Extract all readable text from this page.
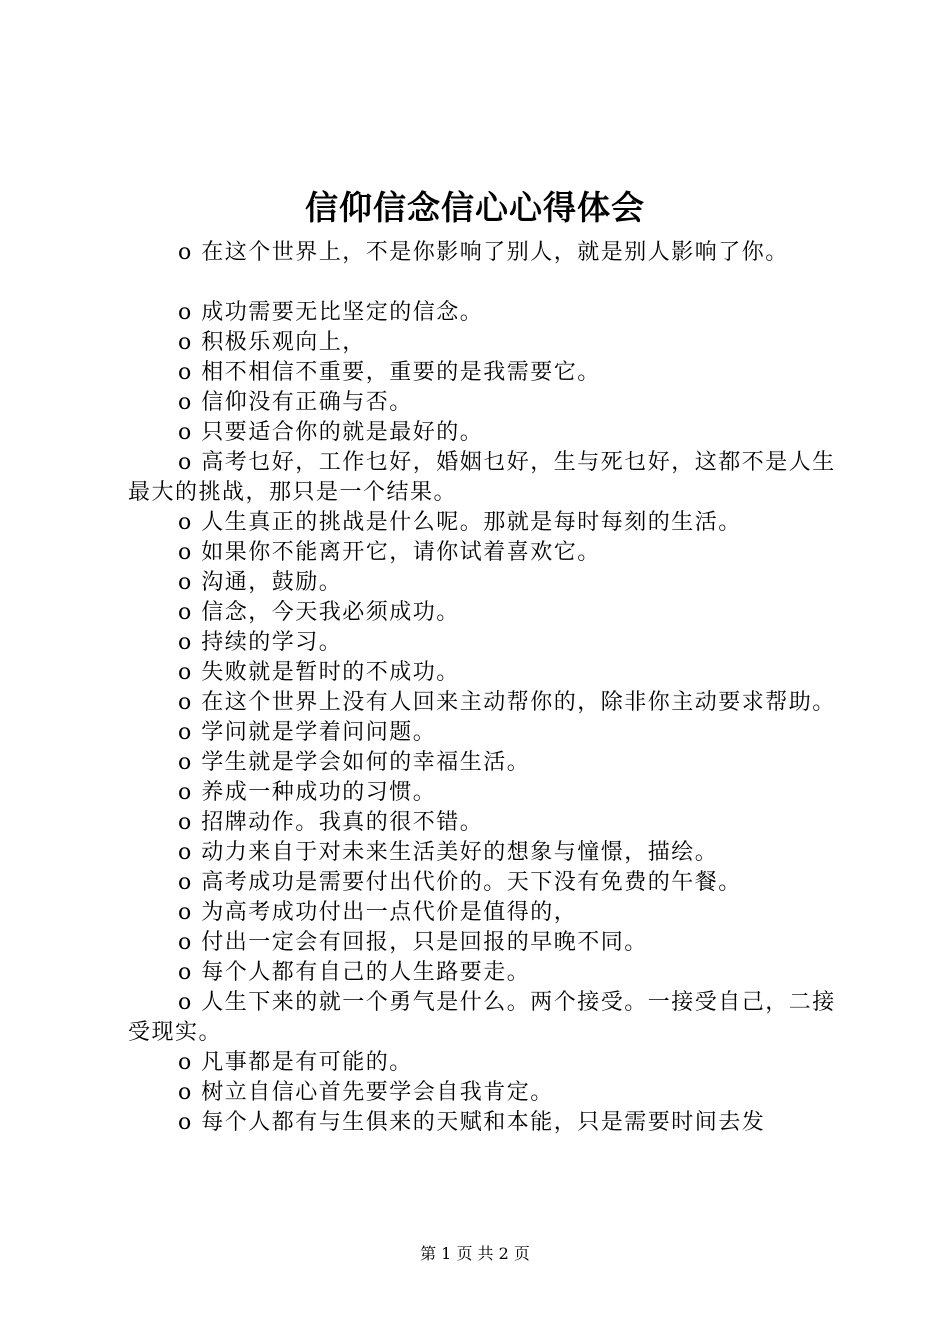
信仰信念信心心得体会

o 在这个世界上，不是你影响了别人，就是别人影响了你。

o 成功需要无比坚定的信念。

o 积极乐观向上，

o 相不相信不重要，重要的是我需要它。

o 信仰没有正确与否。

o 只要适合你的就是最好的。

o 高考乜好，工作乜好，婚姻乜好，生与死乜好，这都不是人生最大的挑战，那只是一个结果。

o 人生真正的挑战是什么呢。那就是每时每刻的生活。

o 如果你不能离开它，请你试着喜欢它。

o 沟通，鼓励。

o 信念，今天我必须成功。

o 持续的学习。

o 失败就是暂时的不成功。

o 在这个世界上没有人回来主动帮你的，除非你主动要求帮助。

o 学问就是学着问问题。

o 学生就是学会如何的幸福生活。

o 养成一种成功的习惯。

o 招牌动作。我真的很不错。

o 动力来自于对未来生活美好的想象与憧憬，描绘。

o 高考成功是需要付出代价的。天下没有免费的午餐。

o 为高考成功付出一点代价是值得的，

o 付出一定会有回报，只是回报的早晚不同。

o 每个人都有自己的人生路要走。

o 人生下来的就一个勇气是什么。两个接受。一接受自己，二接受现实。

o 凡事都是有可能的。

o 树立自信心首先要学会自我肯定。

o 每个人都有与生俱来的天赋和本能，只是需要时间去发

第 1 页 共 2 页
